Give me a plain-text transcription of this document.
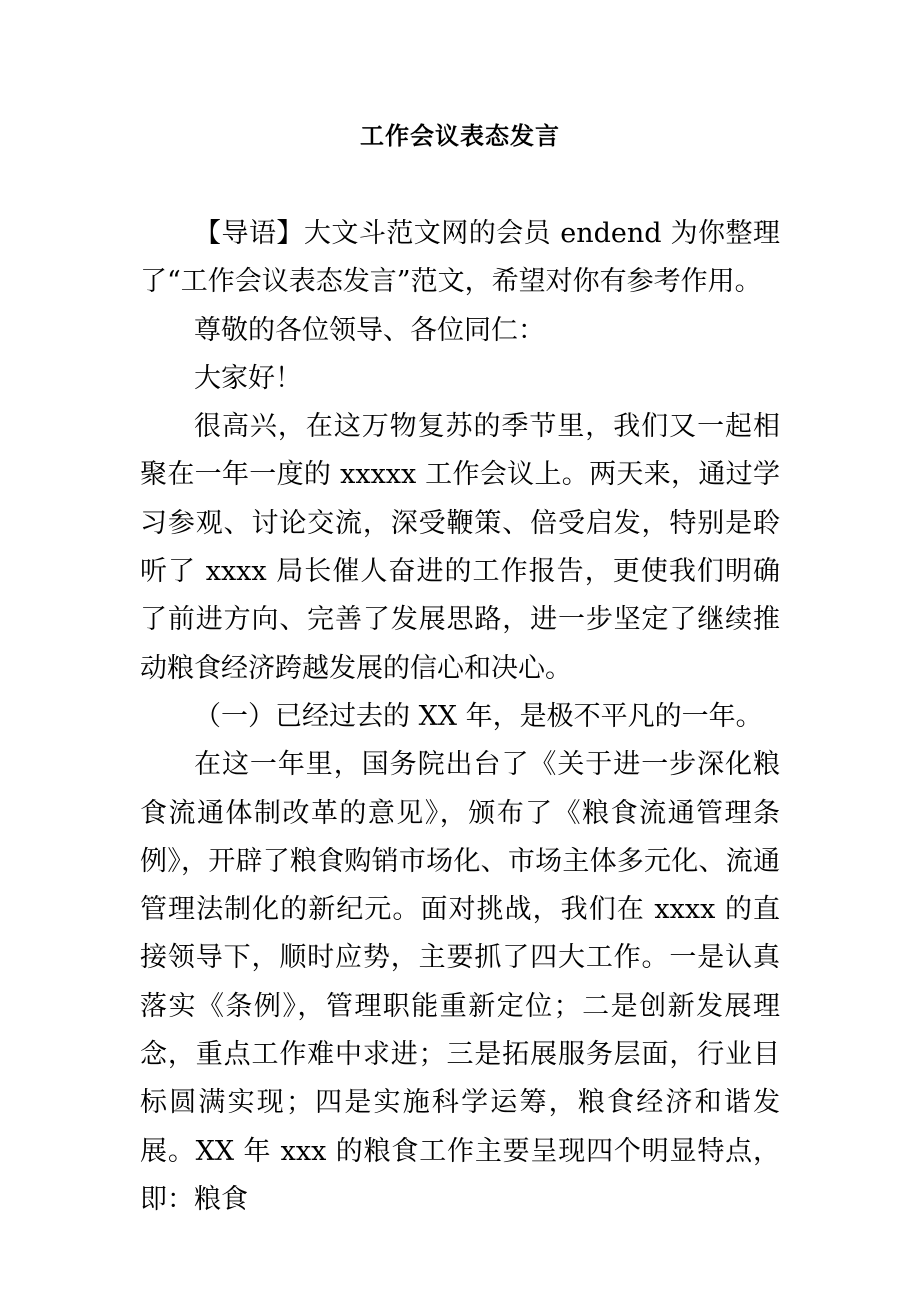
工作会议表态发言

【导语】大文斗范文网的会员 endend 为你整理了“工作会议表态发言”范文，希望对你有参考作用。

尊敬的各位领导、各位同仁：

大家好！

很高兴，在这万物复苏的季节里，我们又一起相聚在一年一度的 xxxxx 工作会议上。两天来，通过学习参观、讨论交流，深受鞭策、倍受启发，特别是聆听了 xxxx 局长催人奋进的工作报告，更使我们明确了前进方向、完善了发展思路，进一步坚定了继续推动粮食经济跨越发展的信心和决心。

（一）已经过去的 XX 年，是极不平凡的一年。

在这一年里，国务院出台了《关于进一步深化粮食流通体制改革的意见》，颁布了《粮食流通管理条例》，开辟了粮食购销市场化、市场主体多元化、流通管理法制化的新纪元。面对挑战，我们在 xxxx 的直接领导下，顺时应势，主要抓了四大工作。一是认真落实《条例》，管理职能重新定位；二是创新发展理念，重点工作难中求进；三是拓展服务层面，行业目标圆满实现；四是实施科学运筹，粮食经济和谐发展。XX 年 xxx 的粮食工作主要呈现四个明显特点，即：粮食
